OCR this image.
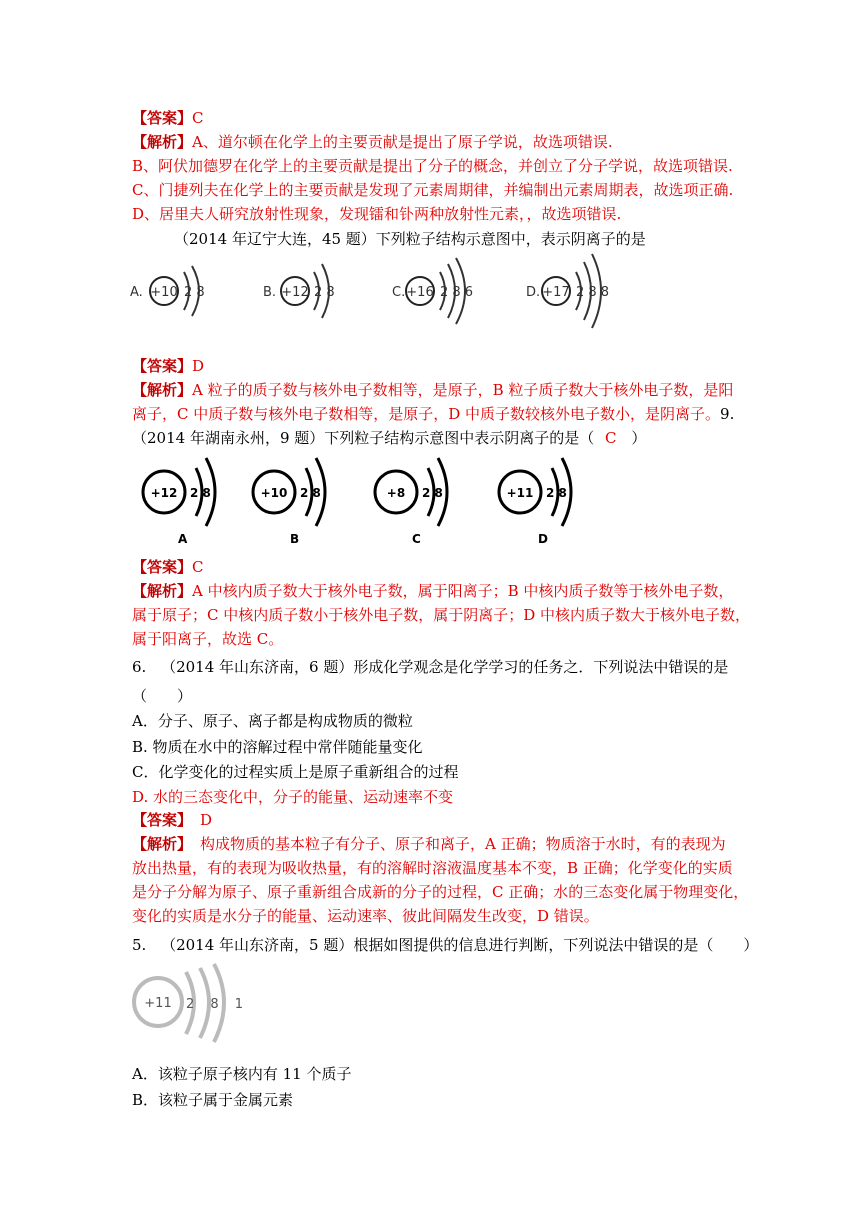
【答案】C
【解析】A、道尔顿在化学上的主要贡献是提出了原子学说，故选项错误.
B、阿伏加德罗在化学上的主要贡献是提出了分子的概念，并创立了分子学说，故选项错误.
C、门捷列夫在化学上的主要贡献是发现了元素周期律，并编制出元素周期表，故选项正确.
D、居里夫人研究放射性现象，发现镭和钋两种放射性元素，，故选项错误.
（2014 年辽宁大连，45 题）下列粒子结构示意图中，表示阴离子的是
A. +10 2 8	B. +12 2 8	C. +16 2 8 6	D. +17 2 8 8
【答案】D
【解析】A 粒子的质子数与核外电子数相等，是原子，B 粒子质子数大于核外电子数，是阳
离子，C 中质子数与核外电子数相等，是原子，D 中质子数较核外电子数小，是阴离子。9.
（2014 年湖南永州，9 题）下列粒子结构示意图中表示阴离子的是（ C ）
+12 2 8
A
+10 2 8
B
+8 2 8
C
+11 2 8
D
【答案】C
【解析】A 中核内质子数大于核外电子数，属于阳离子；B 中核内质子数等于核外电子数，
属于原子；C 中核内质子数小于核外电子数，属于阴离子；D 中核内质子数大于核外电子数，
属于阳离子，故选 C。
6. （2014 年山东济南，6 题）形成化学观念是化学学习的任务之．下列说法中错误的是
（　　）
A．分子、原子、离子都是构成物质的微粒
B. 物质在水中的溶解过程中常伴随能量变化
C．化学变化的过程实质上是原子重新组合的过程
D. 水的三态变化中，分子的能量、运动速率不变
【答案】 D
【解析】 构成物质的基本粒子有分子、原子和离子，A 正确；物质溶于水时，有的表现为
放出热量，有的表现为吸收热量，有的溶解时溶液温度基本不变，B 正确；化学变化的实质
是分子分解为原子、原子重新组合成新的分子的过程，C 正确；水的三态变化属于物理变化，
变化的实质是水分子的能量、运动速率、彼此间隔发生改变，D 错误。
5. （2014 年山东济南，5 题）根据如图提供的信息进行判断，下列说法中错误的是（　　）
+11 2 8 1
A．该粒子原子核内有 11 个质子
B．该粒子属于金属元素
